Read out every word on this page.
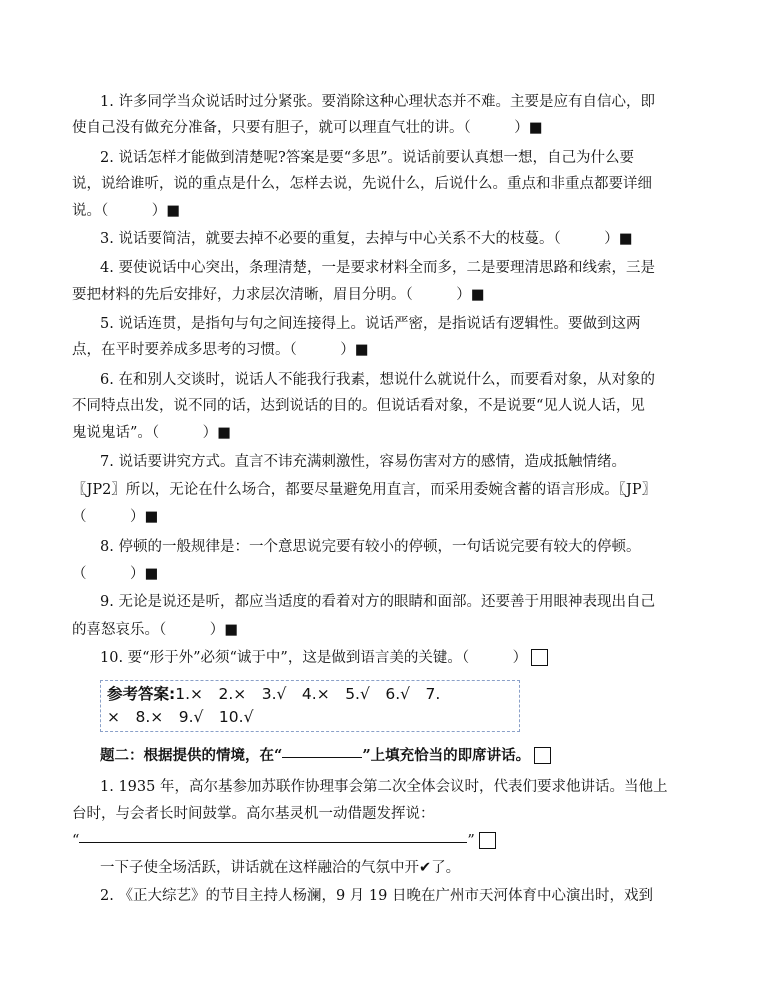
1. 许多同学当众说话时过分紧张。要消除这种心理状态并不难。主要是应有自信心，即
使自己没有做充分准备，只要有胆子，就可以理直气壮的讲。（　　　）■
2. 说话怎样才能做到清楚呢?答案是要“多思”。说话前要认真想一想，自己为什么要
说，说给谁听，说的重点是什么，怎样去说，先说什么，后说什么。重点和非重点都要详细
说。（　　　）■
3. 说话要简洁，就要去掉不必要的重复，去掉与中心关系不大的枝蔓。（　　　）■
4. 要使说话中心突出，条理清楚，一是要求材料全而多，二是要理清思路和线索，三是
要把材料的先后安排好，力求层次清晰，眉目分明。（　　　）■
5. 说话连贯，是指句与句之间连接得上。说话严密，是指说话有逻辑性。要做到这两
点，在平时要养成多思考的习惯。（　　　）■
6. 在和别人交谈时，说话人不能我行我素，想说什么就说什么，而要看对象，从对象的
不同特点出发，说不同的话，达到说话的目的。但说话看对象，不是说要“见人说人话，见
鬼说鬼话”。（　　　）■
7. 说话要讲究方式。直言不讳充满刺激性，容易伤害对方的感情，造成抵触情绪。
〖JP2〗所以，无论在什么场合，都要尽量避免用直言，而采用委婉含蓄的语言形成。〖JP〗
（　　　）■
8. 停顿的一般规律是：一个意思说完要有较小的停顿，一句话说完要有较大的停顿。
（　　　）■
9. 无论是说还是听，都应当适度的看着对方的眼睛和面部。还要善于用眼神表现出自己
的喜怒哀乐。（　　　）■
10. 要“形于外”必须“诚于中”，这是做到语言美的关键。（　　　）
参考答案:1.×　2.×　3.√　4.×　5.√　6.√　7.
×　8.×　9.√　10.√
题二：根据提供的情境，在“	”上填充恰当的即席讲话。
1. 1935 年，高尔基参加苏联作协理事会第二次全体会议时，代表们要求他讲话。当他上
台时，与会者长时间鼓掌。高尔基灵机一动借题发挥说：
“	”
一下子使全场活跃，讲话就在这样融洽的气氛中开✔了。
2. 《正大综艺》的节目主持人杨澜，9 月 19 日晚在广州市天河体育中心演出时，戏到
